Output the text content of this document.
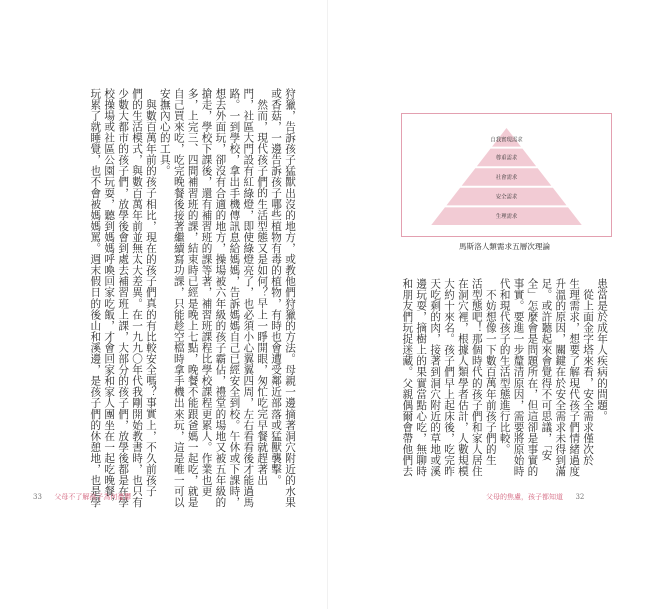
狩獵，告訴孩子猛獸出沒的地方，或教他們狩獵的方法。母親一邊摘著洞穴附近的水果
或香菇，一邊告訴孩子哪些植物有毒的植物，有時也會遭受鄰近部落或猛獸襲擊。
然而，現代孩子們的生活型態又是如何？早上一睜開眼，匆忙吃完早餐就趕著出
門，社區大門設有紅綠燈，即使綠燈亮了，也必須小心翼翼四周，左右看看後才能過馬
路。一到學校，拿出手機傳訊息給媽媽，告訴媽媽自己已經安全到校。午休或下課時，
想去外面玩，卻沒有合適的地方，操場被六年級的孩子霸佔，禮堂的場地又被五年級的
搶走，學校下課後，還有補習班的課等著，補習班課程比學校課程更累人。作業也更
多，上完三、四間補習班的課，結束時已經是晚上七點，晚餐不能跟爸媽一起吃，就是
自己買來吃，吃完晚餐後接著繼續寫功課，只能趁空檔時拿手機出來玩，這是唯一可以
安撫內心的工具。
與數百萬年前的孩子相比，現在的孩子們真的有比較安全嗎？事實上，不久前孩子
們的生活模式，與數百萬年前並無太大差異。在一九九〇年代我剛開始教書時，也只有
少數大都市的孩子們，放學後會到處去補習班上課，大部分的孩子們，放學後都是在學
校操場或社區公園玩耍，聽到媽媽呼喚回家吃飯，才會回家和家人團坐在一起吃晚餐，
玩累了就睡覺，也不會被媽媽罵。週末假日的後山和溪邊，是孩子們的休憩地，也是學
33 父母不了解孩子為何憂鬱
自我實現需求
尊重需求
社會需求
安全需求
生理需求
馬斯洛人類需求五層次理論
患當是於成年人疾病的問題。
從上面金字塔來看，安全需求僅次於
生理需求，想要了解現代孩子們情緒過度
升溫的原因，關鍵在於安全需求未得到滿
足。或許聽起來會覺得不可思議，「安
全」怎麼會是問題所在，但這卻是事實的
事實。要進一步釐清原因，需要將原始時
代和現代孩子的生活型態進行比較。
不妨想像一下數百萬年前孩子們的生
活型態吧！那個時代的孩子們和家人居住
在洞穴裡，根據人類學者估計，人數規模
大約十來名。孩子們早上起床後，吃完昨
天吃剩的肉，接著到洞穴附近的草地或溪
邊玩耍，摘樹上的果實當點心吃，無聊時
和朋友們玩捉迷藏。父親偶爾會帶他們去
父母的焦慮，孩子都知道 32
